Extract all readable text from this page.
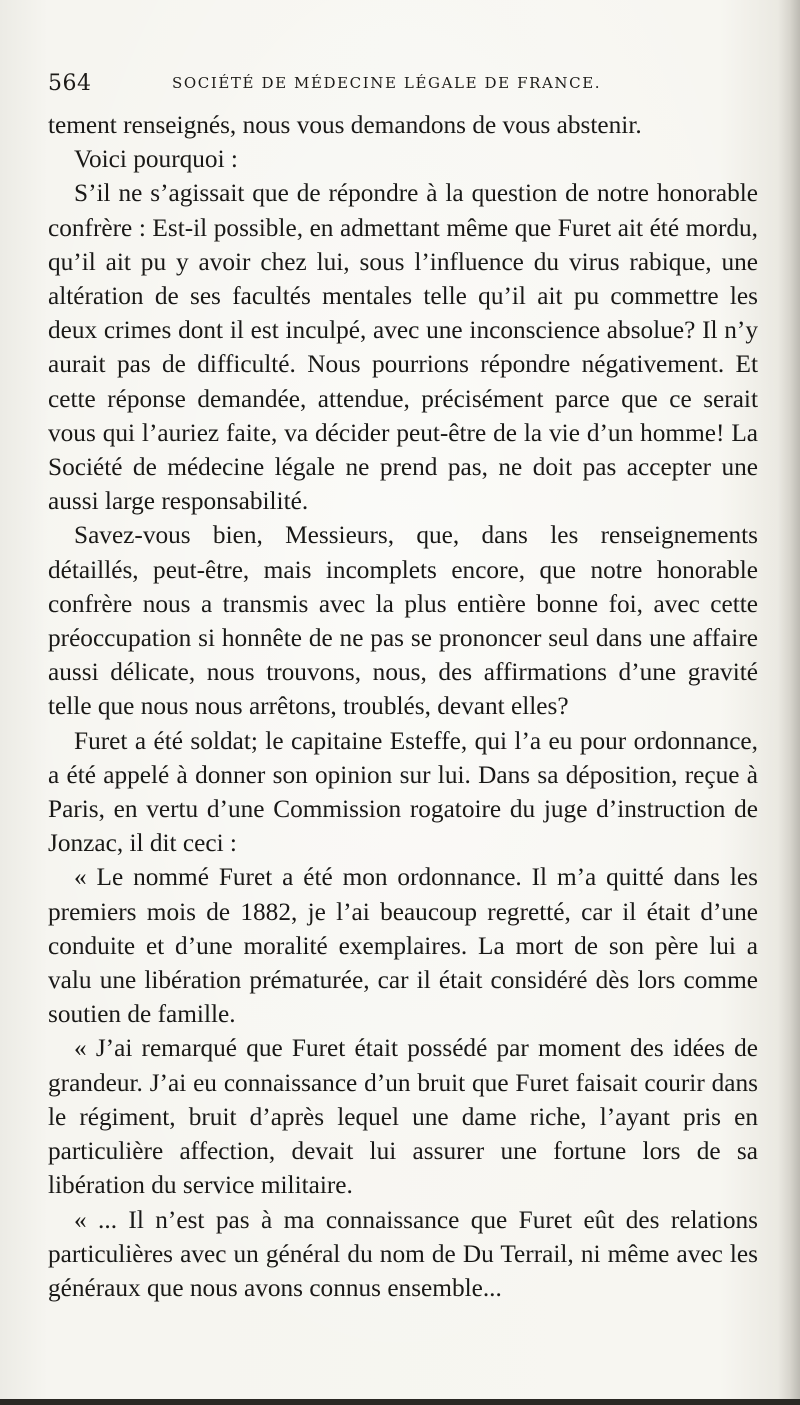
564	SOCIÉTÉ DE MÉDECINE LÉGALE DE FRANCE.

tement renseignés, nous vous demandons de vous abstenir.

Voici pourquoi :

S’il ne s’agissait que de répondre à la question de notre honorable confrère : Est-il possible, en admettant même que Furet ait été mordu, qu’il ait pu y avoir chez lui, sous l’influence du virus rabique, une altération de ses facultés mentales telle qu’il ait pu commettre les deux crimes dont il est inculpé, avec une inconscience absolue? Il n’y aurait pas de difficulté. Nous pourrions répondre négativement. Et cette réponse demandée, attendue, précisément parce que ce serait vous qui l’auriez faite, va décider peut-être de la vie d’un homme! La Société de médecine légale ne prend pas, ne doit pas accepter une aussi large responsabilité.

Savez-vous bien, Messieurs, que, dans les renseignements détaillés, peut-être, mais incomplets encore, que notre honorable confrère nous a transmis avec la plus entière bonne foi, avec cette préoccupation si honnête de ne pas se prononcer seul dans une affaire aussi délicate, nous trouvons, nous, des affirmations d’une gravité telle que nous nous arrêtons, troublés, devant elles?

Furet a été soldat; le capitaine Esteffe, qui l’a eu pour ordonnance, a été appelé à donner son opinion sur lui. Dans sa déposition, reçue à Paris, en vertu d’une Commission rogatoire du juge d’instruction de Jonzac, il dit ceci :

« Le nommé Furet a été mon ordonnance. Il m’a quitté dans les premiers mois de 1882, je l’ai beaucoup regretté, car il était d’une conduite et d’une moralité exemplaires. La mort de son père lui a valu une libération prématurée, car il était considéré dès lors comme soutien de famille.

« J’ai remarqué que Furet était possédé par moment des idées de grandeur. J’ai eu connaissance d’un bruit que Furet faisait courir dans le régiment, bruit d’après lequel une dame riche, l’ayant pris en particulière affection, devait lui assurer une fortune lors de sa libération du service militaire.

« ... Il n’est pas à ma connaissance que Furet eût des relations particulières avec un général du nom de Du Terrail, ni même avec les généraux que nous avons connus ensemble...
